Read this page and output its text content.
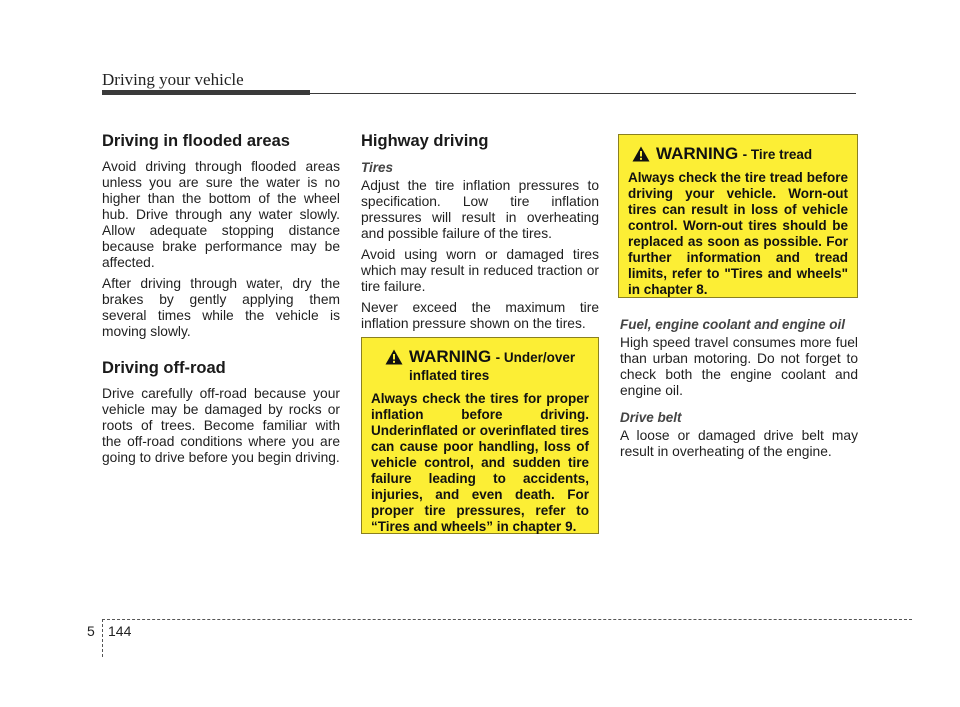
Driving your vehicle
Driving in flooded areas

Avoid driving through flooded areas unless you are sure the water is no higher than the bottom of the wheel hub. Drive through any water slowly. Allow adequate stopping distance because brake performance may be affected.

After driving through water, dry the brakes by gently applying them several times while the vehicle is moving slowly.

Driving off-road

Drive carefully off-road because your vehicle may be damaged by rocks or roots of trees. Become familiar with the off-road conditions where you are going to drive before you begin driving.

Highway driving
Tires

Adjust the tire inflation pressures to specification. Low tire inflation pressures will result in overheating and possible failure of the tires.

Avoid using worn or damaged tires which may result in reduced traction or tire failure.

Never exceed the maximum tire inflation pressure shown on the tires.

WARNING - Under/over inflated tires

Always check the tires for proper inflation before driving. Underinflated or overinflated tires can cause poor handling, loss of vehicle control, and sudden tire failure leading to accidents, injuries, and even death. For proper tire pressures, refer to “Tires and wheels” in chapter 9.

WARNING - Tire tread

Always check the tire tread before driving your vehicle. Worn-out tires can result in loss of vehicle control. Worn-out tires should be replaced as soon as possible. For further information and tread limits, refer to "Tires and wheels" in chapter 8.

Fuel, engine coolant and engine oil

High speed travel consumes more fuel than urban motoring. Do not forget to check both the engine coolant and engine oil.

Drive belt

A loose or damaged drive belt may result in overheating of the engine.

5 144
